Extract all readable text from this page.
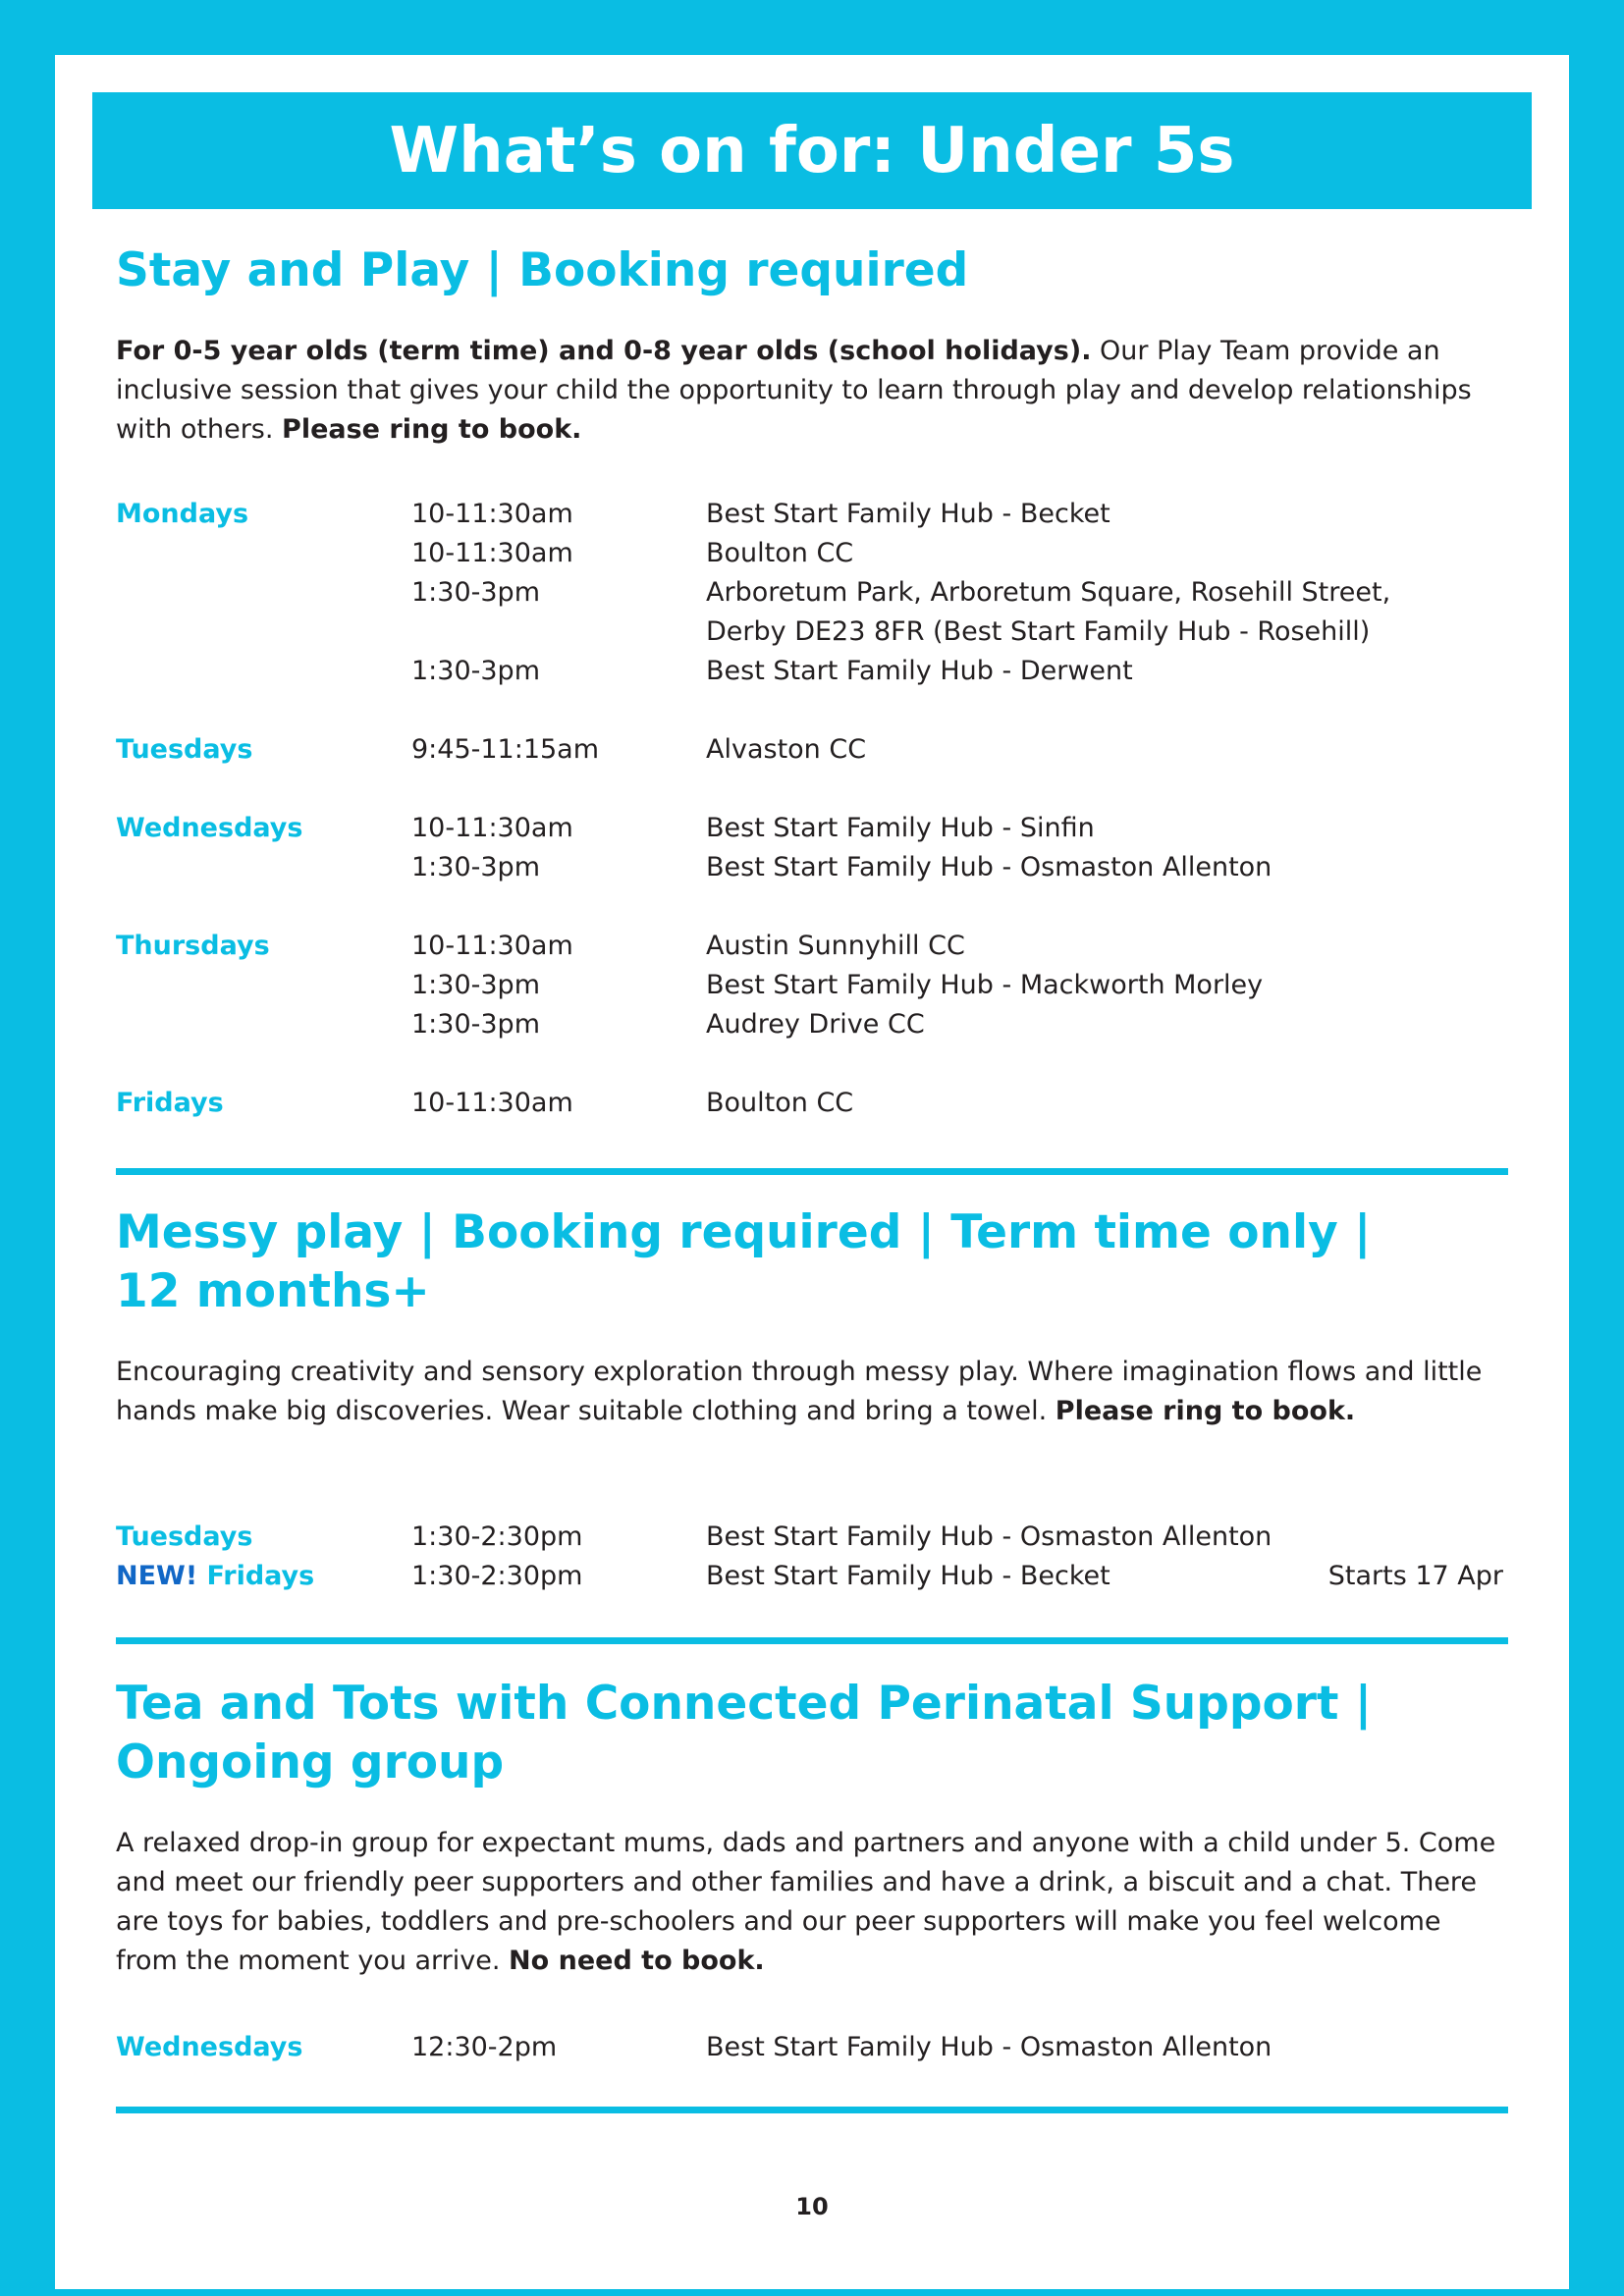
What’s on for: Under 5s
Stay and Play | Booking required

For 0-5 year olds (term time) and 0-8 year olds (school holidays). Our Play Team provide an inclusive session that gives your child the opportunity to learn through play and develop relationships with others. Please ring to book.

Mondays	10-11:30am	Best Start Family Hub - Becket
10-11:30am	Boulton CC
1:30-3pm	Arboretum Park, Arboretum Square, Rosehill Street,
Derby DE23 8FR (Best Start Family Hub - Rosehill)
1:30-3pm	Best Start Family Hub - Derwent
Tuesdays	9:45-11:15am	Alvaston CC
Wednesdays	10-11:30am	Best Start Family Hub - Sinfin
1:30-3pm	Best Start Family Hub - Osmaston Allenton
Thursdays	10-11:30am	Austin Sunnyhill CC
1:30-3pm	Best Start Family Hub - Mackworth Morley
1:30-3pm	Audrey Drive CC
Fridays	10-11:30am	Boulton CC
Messy play | Booking required | Term time only |
12 months+

Encouraging creativity and sensory exploration through messy play. Where imagination flows and little hands make big discoveries. Wear suitable clothing and bring a towel. Please ring to book.

Tuesdays	1:30-2:30pm	Best Start Family Hub - Osmaston Allenton
NEW! Fridays	1:30-2:30pm	Best Start Family Hub - Becket	Starts 17 Apr
Tea and Tots with Connected Perinatal Support |
Ongoing group

A relaxed drop-in group for expectant mums, dads and partners and anyone with a child under 5. Come and meet our friendly peer supporters and other families and have a drink, a biscuit and a chat. There are toys for babies, toddlers and pre-schoolers and our peer supporters will make you feel welcome from the moment you arrive. No need to book.

Wednesdays	12:30-2pm	Best Start Family Hub - Osmaston Allenton
10
